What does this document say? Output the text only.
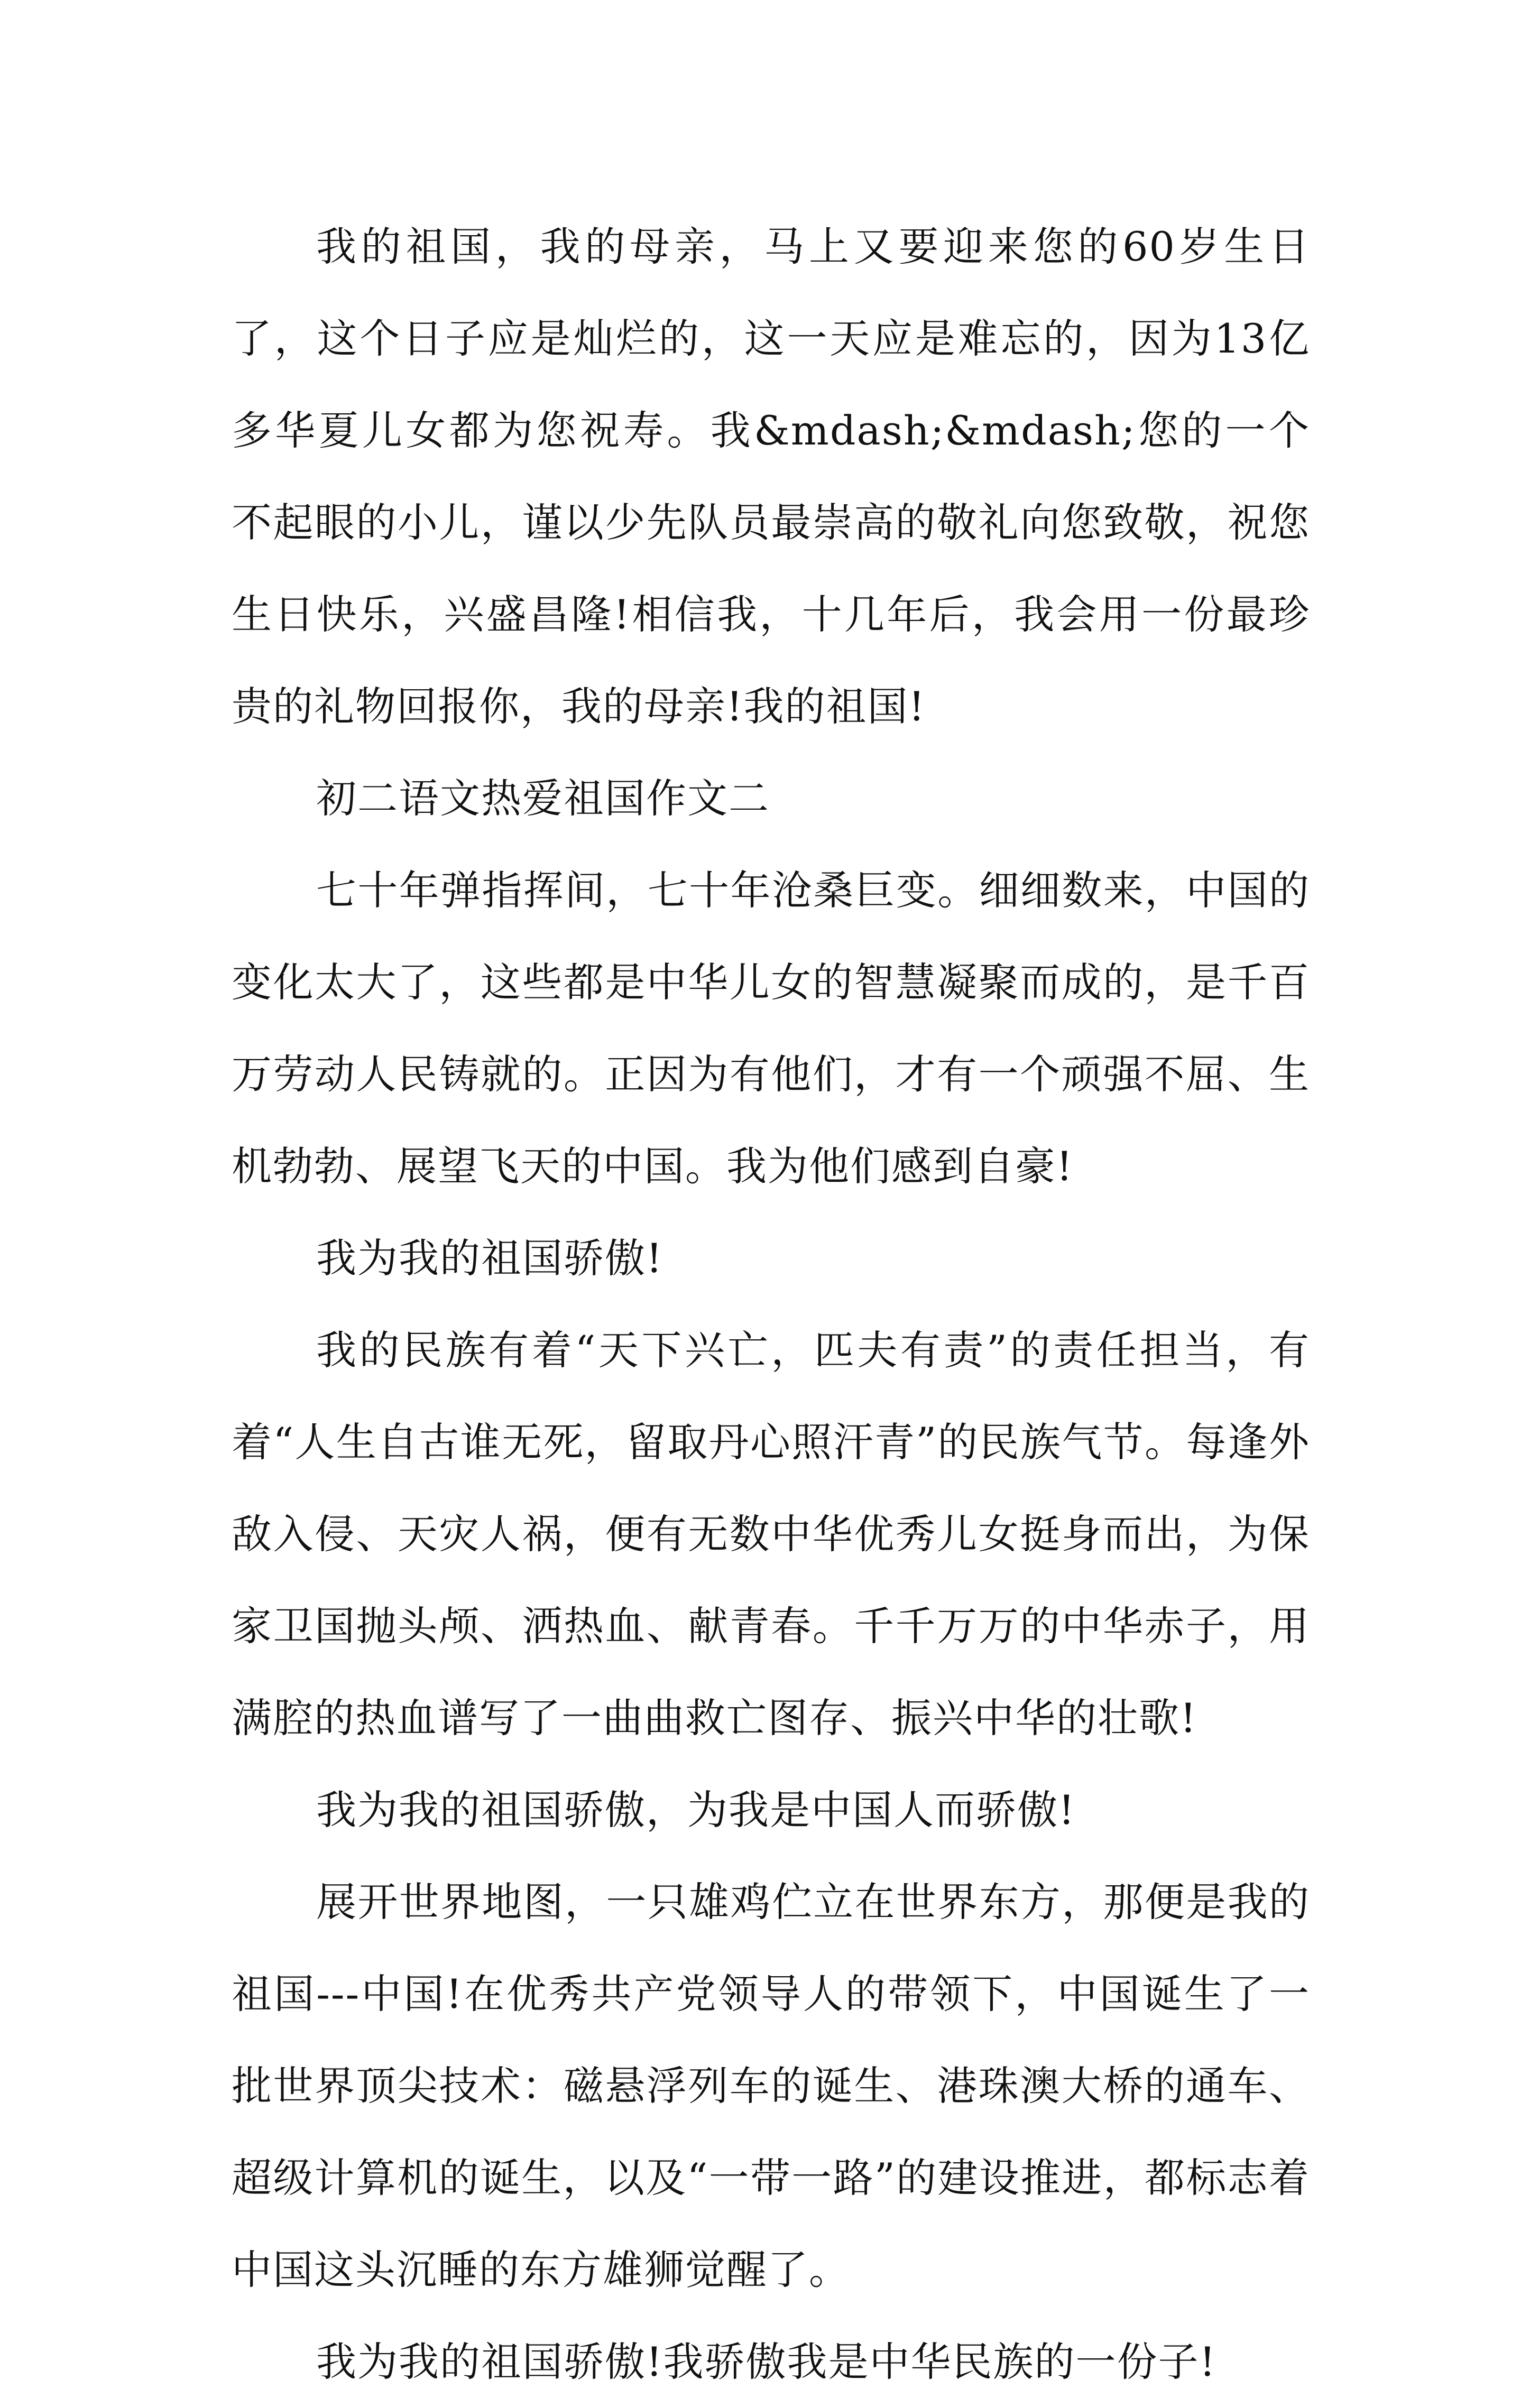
我的祖国，我的母亲，马上又要迎来您的60岁生日了，这个日子应是灿烂的，这一天应是难忘的，因为13亿多华夏儿女都为您祝寿。我&mdash;&mdash;您的一个不起眼的小儿，谨以少先队员最崇高的敬礼向您致敬，祝您生日快乐，兴盛昌隆!相信我，十几年后，我会用一份最珍贵的礼物回报你，我的母亲!我的祖国!

初二语文热爱祖国作文二

七十年弹指挥间，七十年沧桑巨变。细细数来，中国的变化太大了，这些都是中华儿女的智慧凝聚而成的，是千百万劳动人民铸就的。正因为有他们，才有一个顽强不屈、生机勃勃、展望飞天的中国。我为他们感到自豪!

我为我的祖国骄傲!

我的民族有着“天下兴亡，匹夫有责”的责任担当，有着“人生自古谁无死，留取丹心照汗青”的民族气节。每逢外敌入侵、天灾人祸，便有无数中华优秀儿女挺身而出，为保家卫国抛头颅、洒热血、献青春。千千万万的中华赤子，用满腔的热血谱写了一曲曲救亡图存、振兴中华的壮歌!

我为我的祖国骄傲，为我是中国人而骄傲!

展开世界地图，一只雄鸡伫立在世界东方，那便是我的祖国---中国!在优秀共产党领导人的带领下，中国诞生了一批世界顶尖技术：磁悬浮列车的诞生、港珠澳大桥的通车、超级计算机的诞生，以及“一带一路”的建设推进，都标志着中国这头沉睡的东方雄狮觉醒了。

我为我的祖国骄傲!我骄傲我是中华民族的一份子!
